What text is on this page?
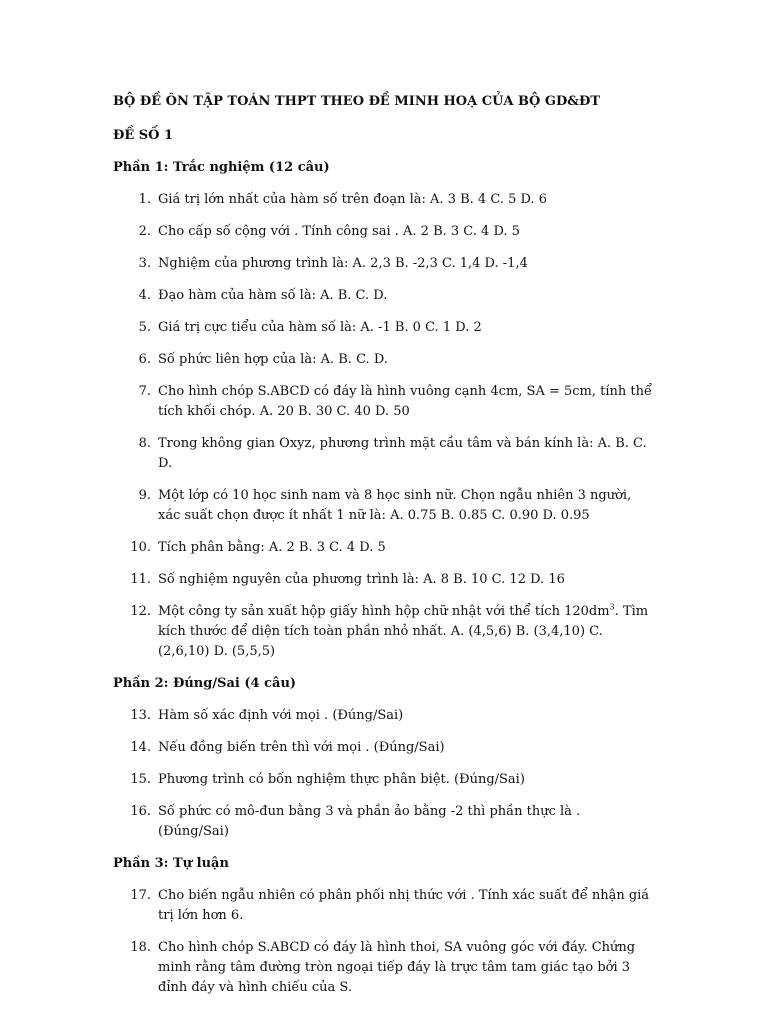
BỘ ĐỀ ÔN TẬP TOÁN THPT THEO ĐỀ MINH HOẠ CỦA BỘ GD&ĐT
ĐỀ SỐ 1
Phần 1: Trắc nghiệm (12 câu)
1. Giá trị lớn nhất của hàm số trên đoạn là: A. 3 B. 4 C. 5 D. 6
2. Cho cấp số cộng với . Tính công sai . A. 2 B. 3 C. 4 D. 5
3. Nghiệm của phương trình là: A. 2,3 B. -2,3 C. 1,4 D. -1,4
4. Đạo hàm của hàm số là: A. B. C. D.
5. Giá trị cực tiểu của hàm số là: A. -1 B. 0 C. 1 D. 2
6. Số phức liên hợp của là: A. B. C. D.
7. Cho hình chóp S.ABCD có đáy là hình vuông cạnh 4cm, SA = 5cm, tính thể tích khối chóp. A. 20 B. 30 C. 40 D. 50
8. Trong không gian Oxyz, phương trình mặt cầu tâm và bán kính là: A. B. C. D.
9. Một lớp có 10 học sinh nam và 8 học sinh nữ. Chọn ngẫu nhiên 3 người, xác suất chọn được ít nhất 1 nữ là: A. 0.75 B. 0.85 C. 0.90 D. 0.95
10. Tích phân bằng: A. 2 B. 3 C. 4 D. 5
11. Số nghiệm nguyên của phương trình là: A. 8 B. 10 C. 12 D. 16
12. Một công ty sản xuất hộp giấy hình hộp chữ nhật với thể tích $120dm^3$. Tìm kích thước để diện tích toàn phần nhỏ nhất. A. (4,5,6) B. (3,4,10) C. (2,6,10) D. (5,5,5)
Phần 2: Đúng/Sai (4 câu)
13. Hàm số xác định với mọi . (Đúng/Sai)
14. Nếu đồng biến trên thì với mọi . (Đúng/Sai)
15. Phương trình có bốn nghiệm thực phân biệt. (Đúng/Sai)
16. Số phức có mô-đun bằng 3 và phần ảo bằng -2 thì phần thực là . (Đúng/Sai)
Phần 3: Tự luận
17. Cho biến ngẫu nhiên có phân phối nhị thức với . Tính xác suất để nhận giá trị lớn hơn 6.
18. Cho hình chóp S.ABCD có đáy là hình thoi, SA vuông góc với đáy. Chứng minh rằng tâm đường tròn ngoại tiếp đáy là trực tâm tam giác tạo bởi 3 đỉnh đáy và hình chiếu của S.
